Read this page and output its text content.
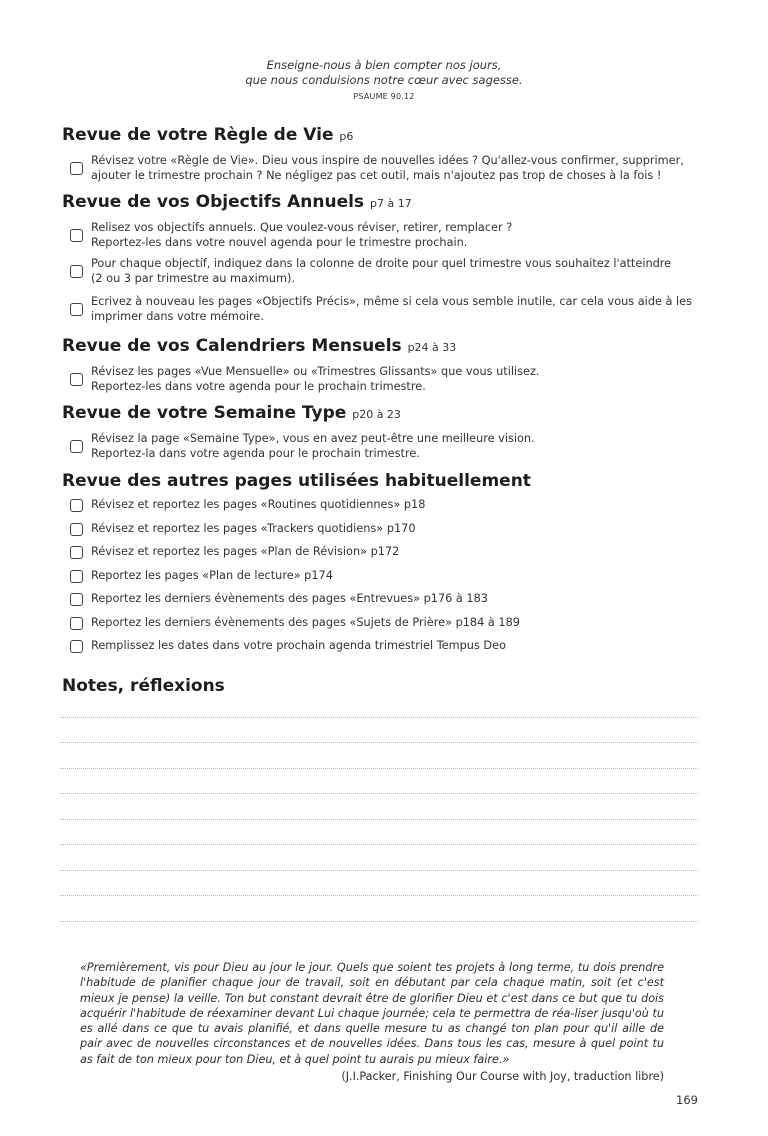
Enseigne-nous à bien compter nos jours,
que nous conduisions notre cœur avec sagesse.
PSAUME 90.12
Revue de votre Règle de Vie p6
Révisez votre «Règle de Vie». Dieu vous inspire de nouvelles idées ? Qu'allez-vous confirmer, supprimer,
ajouter le trimestre prochain ? Ne négligez pas cet outil, mais n'ajoutez pas trop de choses à la fois !
Revue de vos Objectifs Annuels p7 à 17
Relisez vos objectifs annuels. Que voulez-vous réviser, retirer, remplacer ?
Reportez-les dans votre nouvel agenda pour le trimestre prochain.
Pour chaque objectif, indiquez dans la colonne de droite pour quel trimestre vous souhaitez l'atteindre
(2 ou 3 par trimestre au maximum).
Ecrivez à nouveau les pages «Objectifs Précis», même si cela vous semble inutile, car cela vous aide à les
imprimer dans votre mémoire.
Revue de vos Calendriers Mensuels p24 à 33
Révisez les pages «Vue Mensuelle» ou «Trimestres Glissants» que vous utilisez.
Reportez-les dans votre agenda pour le prochain trimestre.
Revue de votre Semaine Type p20 à 23
Révisez la page «Semaine Type», vous en avez peut-être une meilleure vision.
Reportez-la dans votre agenda pour le prochain trimestre.
Revue des autres pages utilisées habituellement
Révisez et reportez les pages «Routines quotidiennes» p18
Révisez et reportez les pages «Trackers quotidiens» p170
Révisez et reportez les pages «Plan de Révision» p172
Reportez les pages «Plan de lecture» p174
Reportez les derniers évènements des pages «Entrevues» p176 à 183
Reportez les derniers évènements des pages «Sujets de Prière» p184 à 189
Remplissez les dates dans votre prochain agenda trimestriel Tempus Deo
Notes, réflexions
«Premièrement, vis pour Dieu au jour le jour. Quels que soient tes projets à long terme, tu dois prendre l'habitude de planifier chaque jour de travail, soit en débutant par cela chaque matin, soit (et c'est mieux je pense) la veille. Ton but constant devrait être de glorifier Dieu et c'est dans ce but que tu dois acquérir l'habitude de réexaminer devant Lui chaque journée; cela te permettra de réa-liser jusqu'où tu es allé dans ce que tu avais planifié, et dans quelle mesure tu as changé ton plan pour qu'il aille de pair avec de nouvelles circonstances et de nouvelles idées. Dans tous les cas, mesure à quel point tu as fait de ton mieux pour ton Dieu, et à quel point tu aurais pu mieux faire.»
(J.I.Packer, Finishing Our Course with Joy, traduction libre)
169
